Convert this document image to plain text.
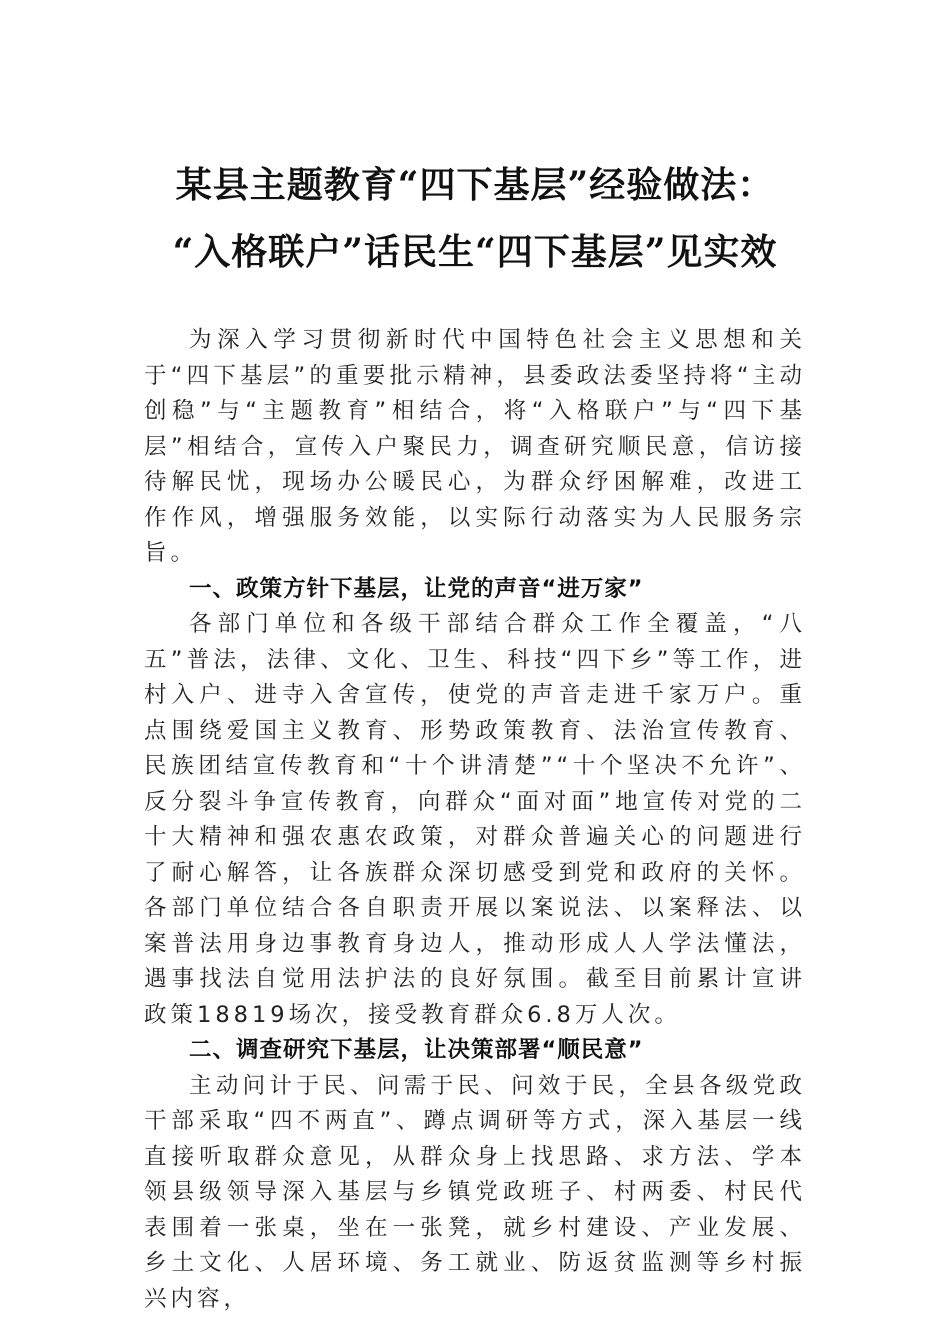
某县主题教育“四下基层”经验做法：
“入格联户”话民生“四下基层”见实效

为深入学习贯彻新时代中国特色社会主义思想和关于“四下基层”的重要批示精神，县委政法委坚持将“主动创稳”与“主题教育”相结合，将“入格联户”与“四下基层”相结合，宣传入户聚民力，调查研究顺民意，信访接待解民忧，现场办公暖民心，为群众纾困解难，改进工作作风，增强服务效能，以实际行动落实为人民服务宗旨。

一、政策方针下基层，让党的声音“进万家”

各部门单位和各级干部结合群众工作全覆盖，“八五”普法，法律、文化、卫生、科技“四下乡”等工作，进村入户、进寺入舍宣传，使党的声音走进千家万户。重点围绕爱国主义教育、形势政策教育、法治宣传教育、民族团结宣传教育和“十个讲清楚”“十个坚决不允许”、反分裂斗争宣传教育，向群众“面对面”地宣传对党的二十大精神和强农惠农政策，对群众普遍关心的问题进行了耐心解答，让各族群众深切感受到党和政府的关怀。各部门单位结合各自职责开展以案说法、以案释法、以案普法用身边事教育身边人，推动形成人人学法懂法，遇事找法自觉用法护法的良好氛围。截至目前累计宣讲政策18819场次，接受教育群众6.8万人次。

二、调查研究下基层，让决策部署“顺民意”

主动问计于民、问需于民、问效于民，全县各级党政干部采取“四不两直”、蹲点调研等方式，深入基层一线直接听取群众意见，从群众身上找思路、求方法、学本领县级领导深入基层与乡镇党政班子、村两委、村民代表围着一张桌，坐在一张凳，就乡村建设、产业发展、乡土文化、人居环境、务工就业、防返贫监测等乡村振兴内容，
